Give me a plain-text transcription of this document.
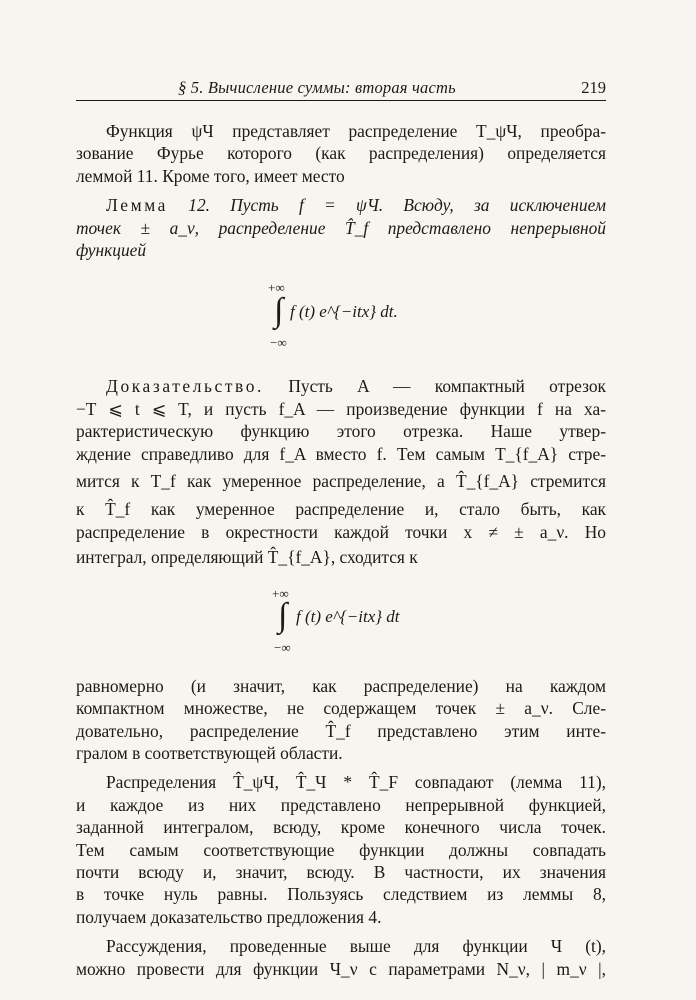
§ 5. Вычисление суммы: вторая часть	219

Функция ψЧ представляет распределение T_ψЧ, преобра-

зование Фурье которого (как распределения) определяется

леммой 11. Кроме того, имеет место

Лемма 12. Пусть f = ψЧ. Всюду, за исключением

точек ± a_ν, распределение T̂_f представлено непрерывной

функцией

+∞
∫
−∞
f (t) e^{−itx} dt.

Доказательство. Пусть A — компактный отрезок

−T ⩽ t ⩽ T, и пусть f_A — произведение функции f на ха-

рактеристическую функцию этого отрезка. Наше утвер-

ждение справедливо для f_A вместо f. Тем самым T_{f_A} стре-

мится к T_f как умеренное распределение, а T̂_{f_A} стремится

к T̂_f как умеренное распределение и, стало быть, как

распределение в окрестности каждой точки x ≠ ± a_ν. Но

интеграл, определяющий T̂_{f_A}, сходится к

+∞
∫
−∞
f (t) e^{−itx} dt

равномерно (и значит, как распределение) на каждом

компактном множестве, не содержащем точек ± a_ν. Сле-

довательно, распределение T̂_f представлено этим инте-

гралом в соответствующей области.

Распределения T̂_ψЧ, T̂_Ч * T̂_F совпадают (лемма 11),

и каждое из них представлено непрерывной функцией,

заданной интегралом, всюду, кроме конечного числа точек.

Тем самым соответствующие функции должны совпадать

почти всюду и, значит, всюду. В частности, их значения

в точке нуль равны. Пользуясь следствием из леммы 8,

получаем доказательство предложения 4.

Рассуждения, проведенные выше для функции Ч (t),

можно провести для функции Ч_ν с параметрами N_ν, | m_ν |,
